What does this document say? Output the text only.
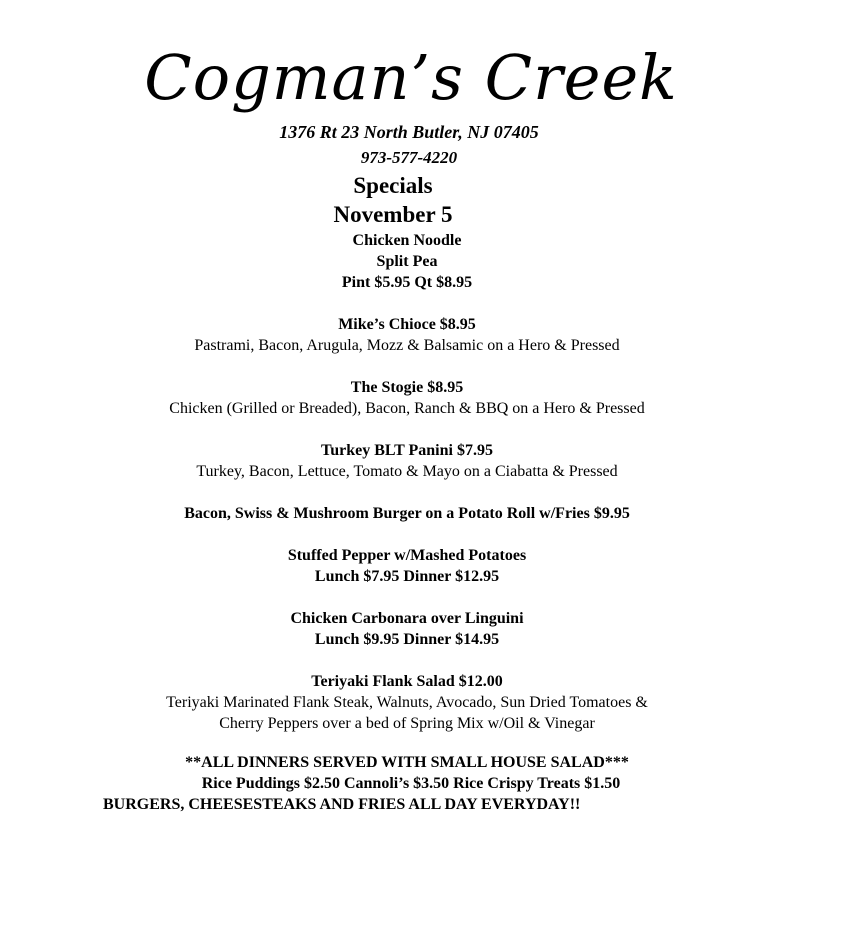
Cogman’s Creek
1376 Rt 23 North Butler, NJ 07405
973-577-4220
Specials
November 5
Chicken Noodle
Split Pea
Pint $5.95 Qt $8.95
Mike’s Chioce $8.95
Pastrami, Bacon, Arugula, Mozz & Balsamic on a Hero & Pressed
The Stogie $8.95
Chicken (Grilled or Breaded), Bacon, Ranch & BBQ on a Hero & Pressed
Turkey BLT Panini $7.95
Turkey, Bacon, Lettuce, Tomato & Mayo on a Ciabatta & Pressed
Bacon, Swiss & Mushroom Burger on a Potato Roll w/Fries $9.95
Stuffed Pepper w/Mashed Potatoes
Lunch $7.95 Dinner $12.95
Chicken Carbonara over Linguini
Lunch $9.95 Dinner $14.95
Teriyaki Flank Salad $12.00
Teriyaki Marinated Flank Steak, Walnuts, Avocado, Sun Dried Tomatoes &
Cherry Peppers over a bed of Spring Mix w/Oil & Vinegar
**ALL DINNERS SERVED WITH SMALL HOUSE SALAD***
Rice Puddings $2.50 Cannoli’s $3.50 Rice Crispy Treats $1.50
BURGERS, CHEESESTEAKS AND FRIES ALL DAY EVERYDAY!!
